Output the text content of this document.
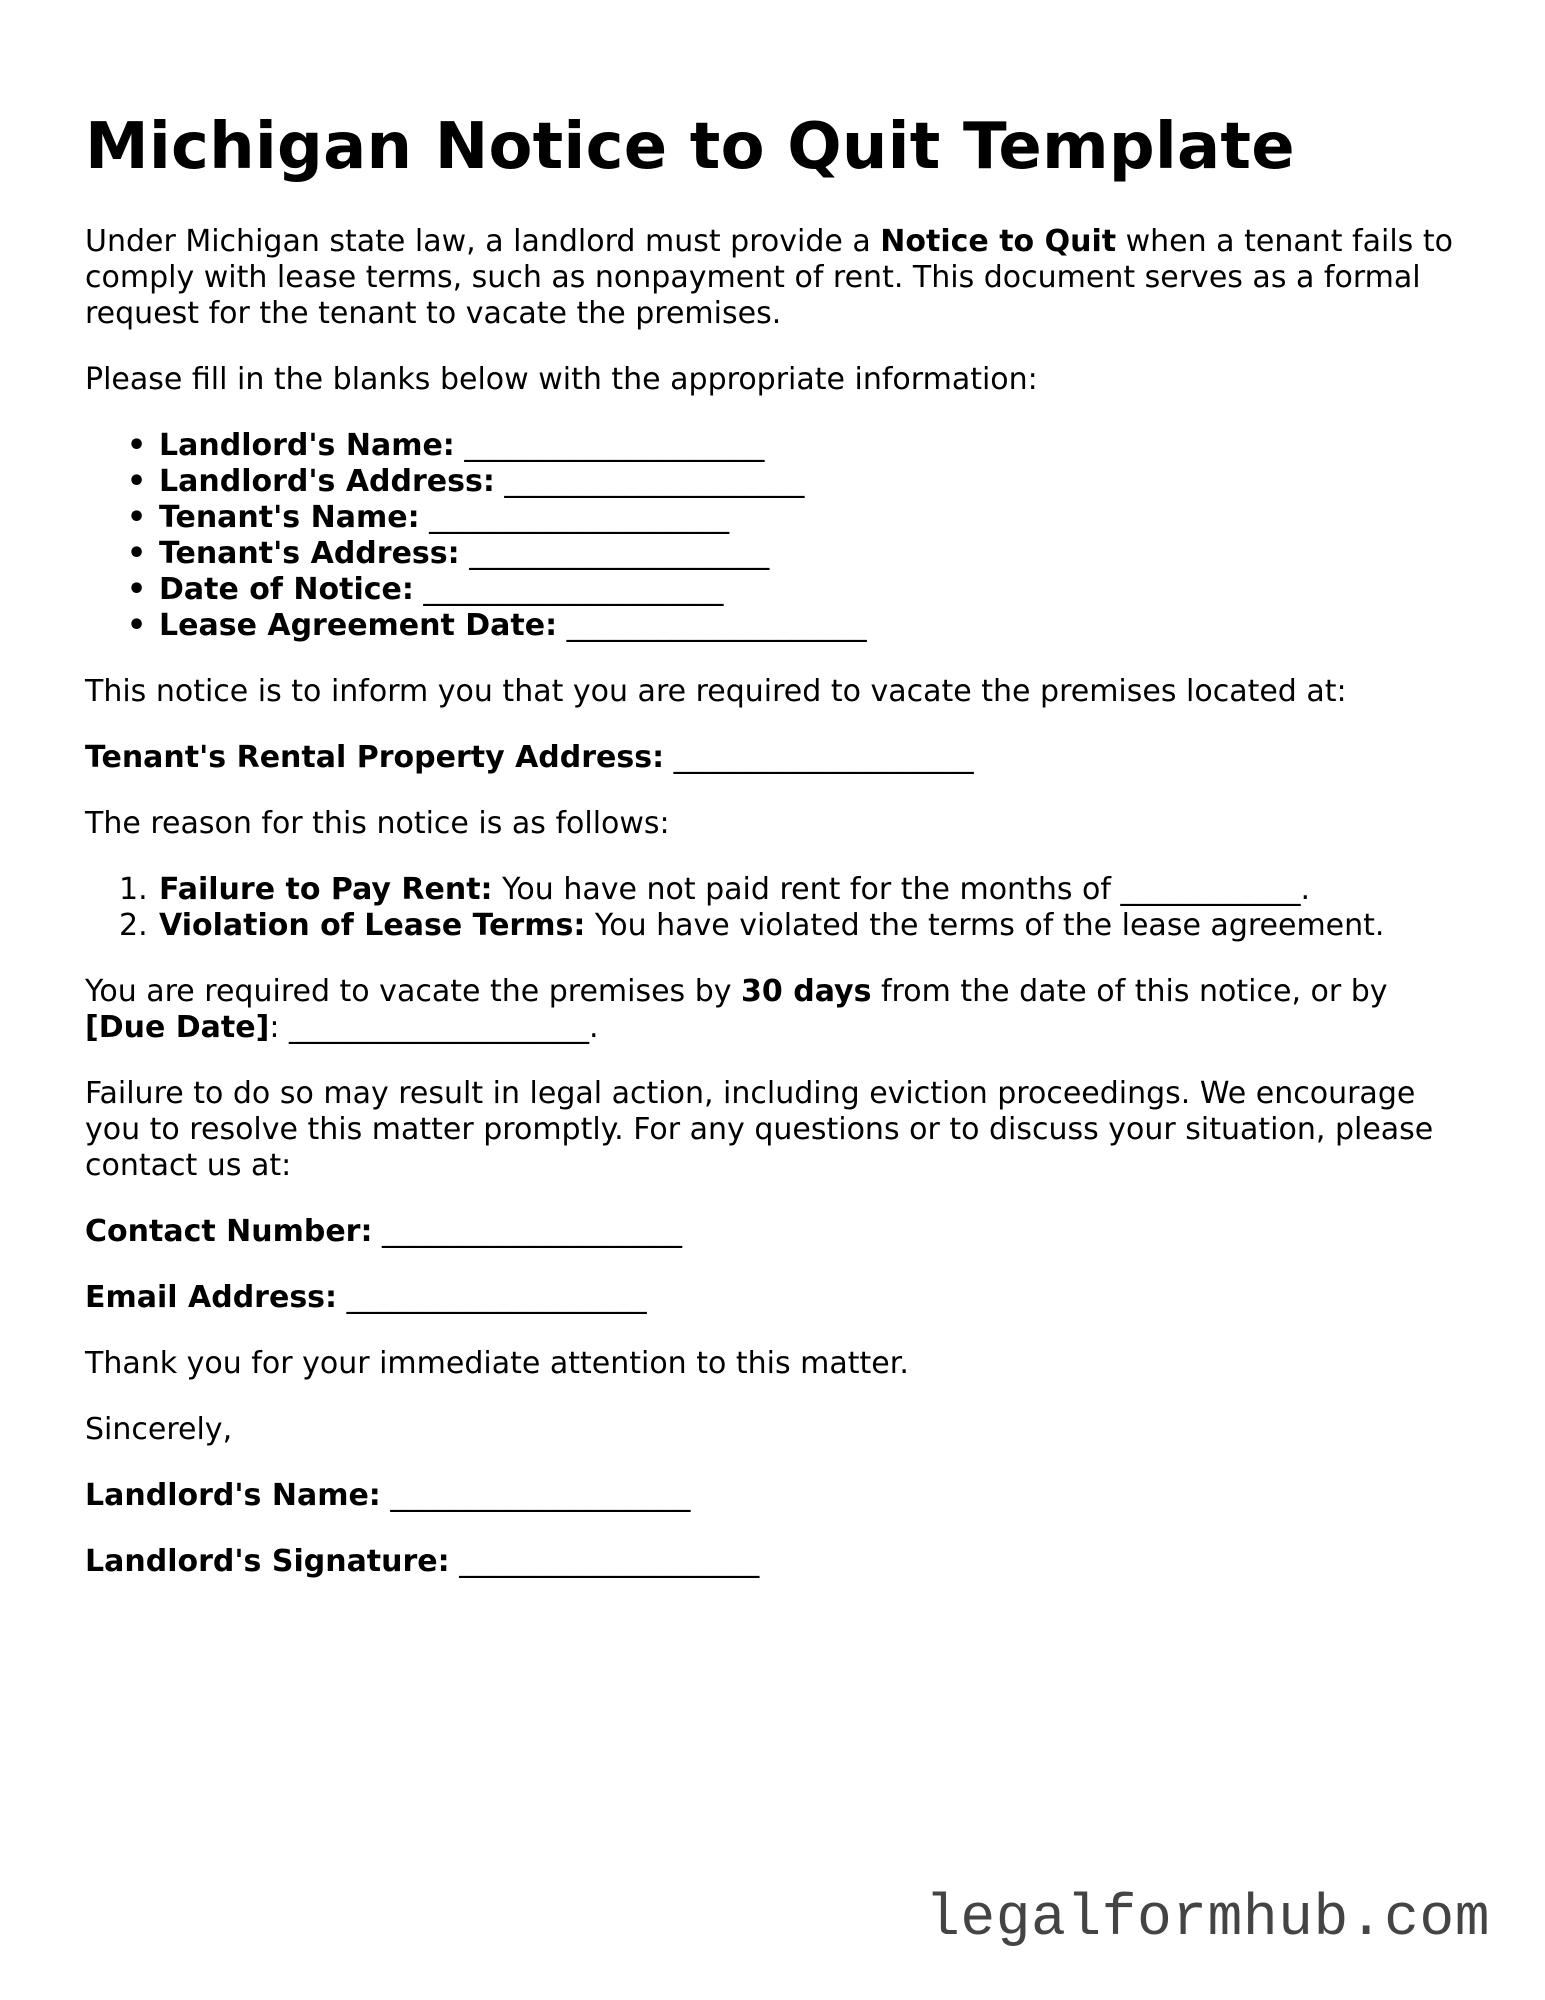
Michigan Notice to Quit Template

Under Michigan state law, a landlord must provide a Notice to Quit when a tenant fails to comply with lease terms, such as nonpayment of rent. This document serves as a formal request for the tenant to vacate the premises.

Please fill in the blanks below with the appropriate information:

• Landlord's Name: ____________________
• Landlord's Address: ____________________
• Tenant's Name: ____________________
• Tenant's Address: ____________________
• Date of Notice: ____________________
• Lease Agreement Date: ____________________

This notice is to inform you that you are required to vacate the premises located at:

Tenant's Rental Property Address: ____________________

The reason for this notice is as follows:

1. Failure to Pay Rent: You have not paid rent for the months of ____________.
2. Violation of Lease Terms: You have violated the terms of the lease agreement.

You are required to vacate the premises by 30 days from the date of this notice, or by
[Due Date]: ____________________.

Failure to do so may result in legal action, including eviction proceedings. We encourage you to resolve this matter promptly. For any questions or to discuss your situation, please contact us at:

Contact Number: ____________________

Email Address: ____________________

Thank you for your immediate attention to this matter.

Sincerely,

Landlord's Name: ____________________

Landlord's Signature: ____________________

legalformhub.com
